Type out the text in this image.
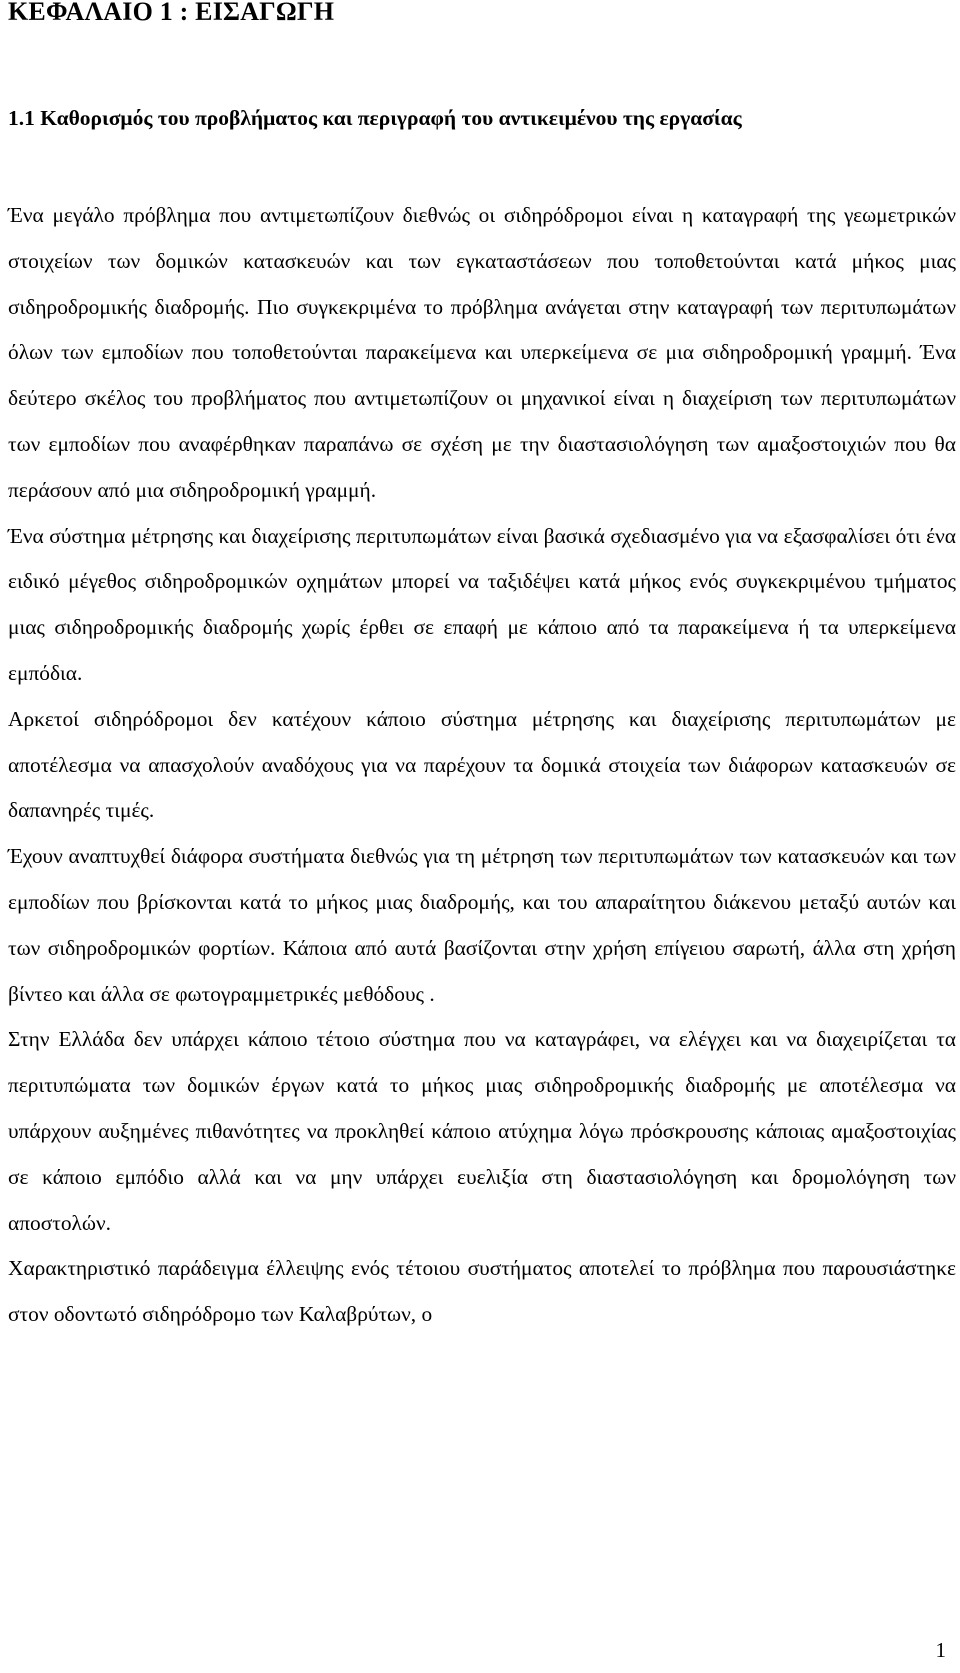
ΚΕΦΑΛΑΙΟ 1 : ΕΙΣΑΓΩΓΗ
1.1 Καθορισμός του προβλήματος και περιγραφή του αντικειμένου της εργασίας

Ένα μεγάλο πρόβλημα που αντιμετωπίζουν διεθνώς οι σιδηρόδρομοι είναι η καταγραφή της γεωμετρικών στοιχείων των δομικών κατασκευών και των εγκαταστάσεων που τοποθετούνται κατά μήκος μιας σιδηροδρομικής διαδρομής. Πιο συγκεκριμένα το πρόβλημα ανάγεται στην καταγραφή των περιτυπωμάτων όλων των εμποδίων που τοποθετούνται παρακείμενα και υπερκείμενα σε μια σιδηροδρομική γραμμή. Ένα δεύτερο σκέλος του προβλήματος που αντιμετωπίζουν οι μηχανικοί είναι η διαχείριση των περιτυπωμάτων των εμποδίων που αναφέρθηκαν παραπάνω σε σχέση με την διαστασιολόγηση των αμαξοστοιχιών που θα περάσουν από μια σιδηροδρομική γραμμή.

Ένα σύστημα μέτρησης και διαχείρισης περιτυπωμάτων είναι βασικά σχεδιασμένο για να εξασφαλίσει ότι ένα ειδικό μέγεθος σιδηροδρομικών οχημάτων μπορεί να ταξιδέψει κατά μήκος ενός συγκεκριμένου τμήματος μιας σιδηροδρομικής διαδρομής χωρίς έρθει σε επαφή με κάποιο από τα παρακείμενα ή τα υπερκείμενα εμπόδια.

Αρκετοί σιδηρόδρομοι δεν κατέχουν κάποιο σύστημα μέτρησης και διαχείρισης περιτυπωμάτων με αποτέλεσμα να απασχολούν αναδόχους για να παρέχουν τα δομικά στοιχεία των διάφορων κατασκευών σε δαπανηρές τιμές.

Έχουν αναπτυχθεί διάφορα συστήματα διεθνώς για τη μέτρηση των περιτυπωμάτων των κατασκευών και των εμποδίων που βρίσκονται κατά το μήκος μιας διαδρομής, και του απαραίτητου διάκενου μεταξύ αυτών και των σιδηροδρομικών φορτίων. Κάποια από αυτά βασίζονται στην χρήση επίγειου σαρωτή, άλλα στη χρήση βίντεο και άλλα σε φωτογραμμετρικές μεθόδους .

Στην Ελλάδα δεν υπάρχει κάποιο τέτοιο σύστημα που να καταγράφει, να ελέγχει και να διαχειρίζεται τα περιτυπώματα των δομικών έργων κατά το μήκος μιας σιδηροδρομικής διαδρομής με αποτέλεσμα να υπάρχουν αυξημένες πιθανότητες να προκληθεί κάποιο ατύχημα λόγω πρόσκρουσης κάποιας αμαξοστοιχίας σε κάποιο εμπόδιο αλλά και να μην υπάρχει ευελιξία στη διαστασιολόγηση και δρομολόγηση των αποστολών.

Χαρακτηριστικό παράδειγμα έλλειψης ενός τέτοιου συστήματος αποτελεί το πρόβλημα που παρουσιάστηκε στον οδοντωτό σιδηρόδρομο των Καλαβρύτων, ο

1
